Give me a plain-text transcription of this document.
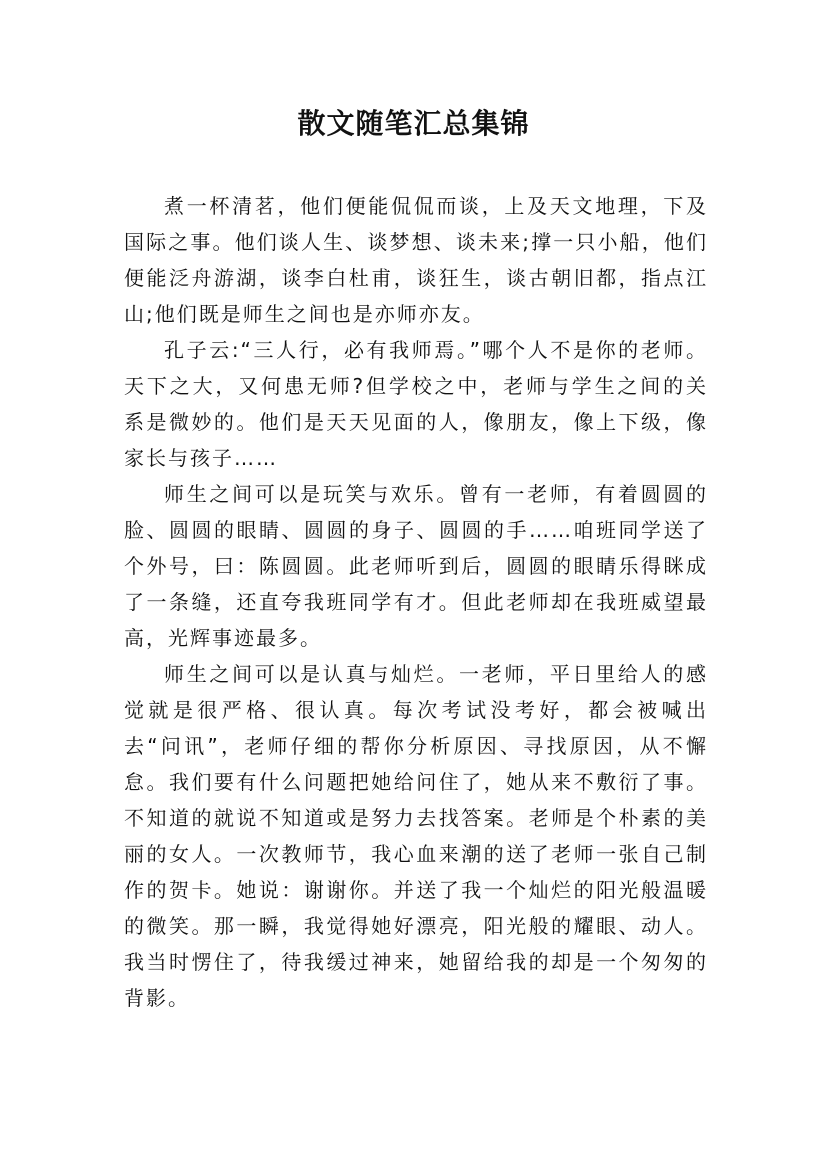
散文随笔汇总集锦

煮一杯清茗，他们便能侃侃而谈，上及天文地理，下及国际之事。他们谈人生、谈梦想、谈未来;撑一只小船，他们便能泛舟游湖，谈李白杜甫，谈狂生，谈古朝旧都，指点江山;他们既是师生之间也是亦师亦友。

孔子云:“三人行，必有我师焉。”哪个人不是你的老师。天下之大，又何患无师?但学校之中，老师与学生之间的关系是微妙的。他们是天天见面的人，像朋友，像上下级，像家长与孩子……

师生之间可以是玩笑与欢乐。曾有一老师，有着圆圆的脸、圆圆的眼睛、圆圆的身子、圆圆的手……咱班同学送了个外号，曰：陈圆圆。此老师听到后，圆圆的眼睛乐得眯成了一条缝，还直夸我班同学有才。但此老师却在我班威望最高，光辉事迹最多。

师生之间可以是认真与灿烂。一老师，平日里给人的感觉就是很严格、很认真。每次考试没考好，都会被喊出去“问讯”，老师仔细的帮你分析原因、寻找原因，从不懈怠。我们要有什么问题把她给问住了，她从来不敷衍了事。不知道的就说不知道或是努力去找答案。老师是个朴素的美丽的女人。一次教师节，我心血来潮的送了老师一张自己制作的贺卡。她说：谢谢你。并送了我一个灿烂的阳光般温暖的微笑。那一瞬，我觉得她好漂亮，阳光般的耀眼、动人。我当时愣住了，待我缓过神来，她留给我的却是一个匆匆的背影。
